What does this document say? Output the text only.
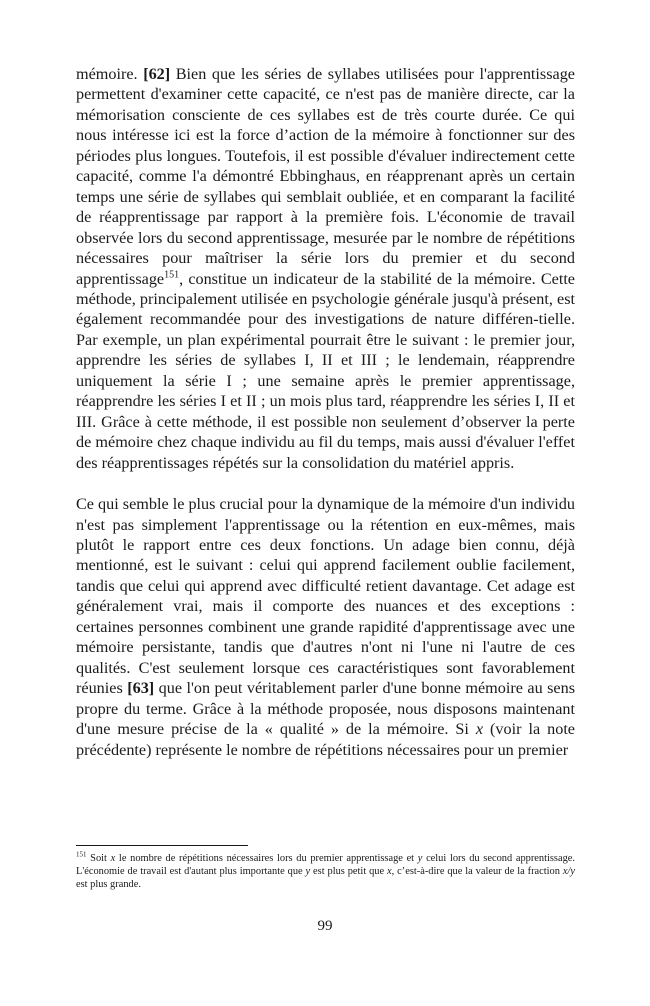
mémoire. [62] Bien que les séries de syllabes utilisées pour l'apprentissage permettent d'examiner cette capacité, ce n'est pas de manière directe, car la mémorisation consciente de ces syllabes est de très courte durée. Ce qui nous intéresse ici est la force d’action de la mémoire à fonctionner sur des périodes plus longues. Toutefois, il est possible d'évaluer indirectement cette capacité, comme l'a démontré Ebbinghaus, en réapprenant après un certain temps une série de syllabes qui semblait oubliée, et en comparant la facilité de réapprentissage par rapport à la première fois. L'économie de travail observée lors du second apprentissage, mesurée par le nombre de répétitions nécessaires pour maîtriser la série lors du premier et du second apprentissage$^{151}$, constitue un indicateur de la stabilité de la mémoire. Cette méthode, principalement utilisée en psychologie générale jusqu'à présent, est également recommandée pour des investigations de nature différen-tielle. Par exemple, un plan expérimental pourrait être le suivant : le premier jour, apprendre les séries de syllabes I, II et III ; le lendemain, réapprendre uniquement la série I ; une semaine après le premier apprentissage, réapprendre les séries I et II ; un mois plus tard, réapprendre les séries I, II et III. Grâce à cette méthode, il est possible non seulement d’observer la perte de mémoire chez chaque individu au fil du temps, mais aussi d'évaluer l'effet des réapprentissages répétés sur la consolidation du matériel appris.

Ce qui semble le plus crucial pour la dynamique de la mémoire d'un individu n'est pas simplement l'apprentissage ou la rétention en eux-mêmes, mais plutôt le rapport entre ces deux fonctions. Un adage bien connu, déjà mentionné, est le suivant : celui qui apprend facilement oublie facilement, tandis que celui qui apprend avec difficulté retient davantage. Cet adage est généralement vrai, mais il comporte des nuances et des exceptions : certaines personnes combinent une grande rapidité d'apprentissage avec une mémoire persistante, tandis que d'autres n'ont ni l'une ni l'autre de ces qualités. C'est seulement lorsque ces caractéristiques sont favorablement réunies [63] que l'on peut véritablement parler d'une bonne mémoire au sens propre du terme. Grâce à la méthode proposée, nous disposons maintenant d'une mesure précise de la « qualité » de la mémoire. Si x (voir la note précédente) représente le nombre de répétitions nécessaires pour un premier

$^{151}$ Soit x le nombre de répétitions nécessaires lors du premier apprentissage et y celui lors du second apprentissage. L'économie de travail est d'autant plus importante que y est plus petit que x, c’est-à-dire que la valeur de la fraction x/y est plus grande.

99
